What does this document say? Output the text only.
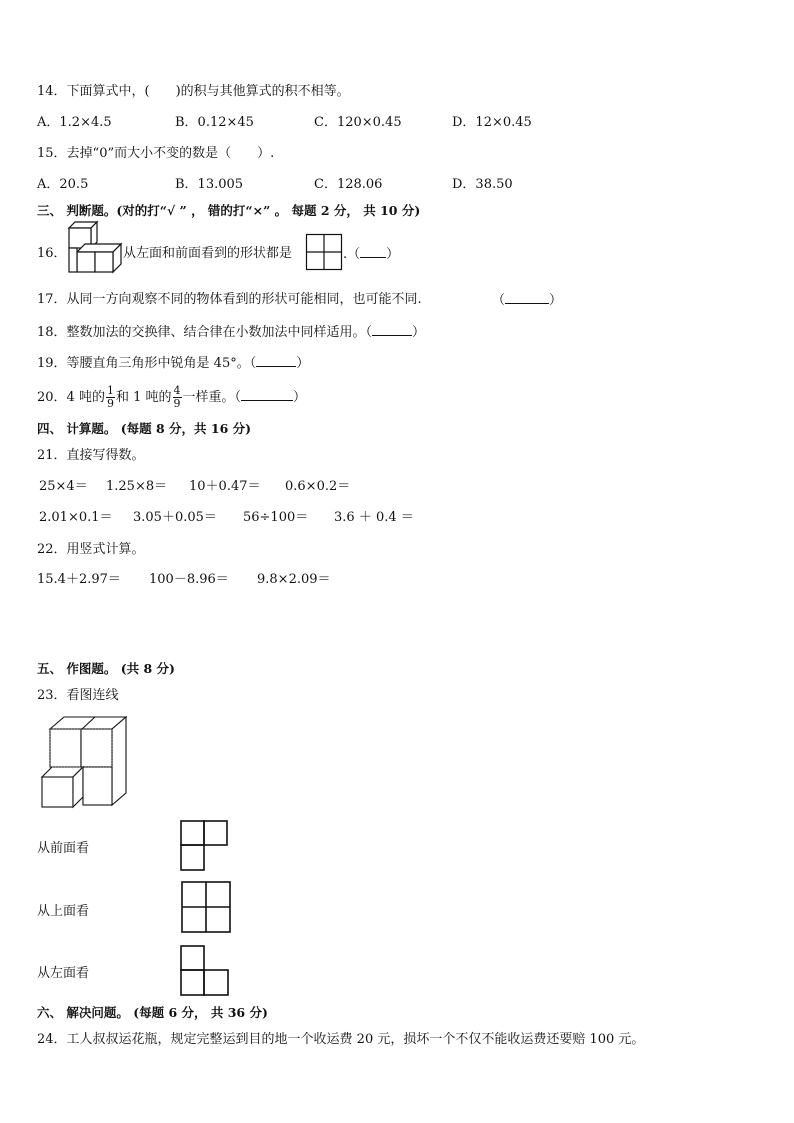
14．下面算式中，(　　)的积与其他算式的积不相等。
A．1.2×4.5	B．0.12×45	C．120×0.45	D．12×0.45
15．去掉“0”而大小不变的数是（　　）.
A．20.5	B．13.005	C．128.06	D．38.50
三、 判断题。(对的打“√ ” ， 错的打“×” 。 每题 2 分， 共 10 分)
16．	从左面和前面看到的形状都是	.（ ）
17．从同一方向观察不同的物体看到的形状可能相同，也可能不同.	（	）
18．整数加法的交换律、结合律在小数加法中同样适用。（	）
19．等腰直角三角形中锐角是 45°。（	）
20．4 吨的 $\frac{1}{9}$ 和 1 吨的 $\frac{4}{9}$ 一样重。（	）
四、 计算题。 (每题 8 分，共 16 分)
21．直接写得数。
25×4＝ 1.25×8＝ 10＋0.47＝ 0.6×0.2＝
2.01×0.1＝ 3.05＋0.05＝ 56÷100＝ 3.6 ＋ 0.4 ＝
22．用竖式计算。
15.4＋2.97＝ 100－8.96＝ 9.8×2.09＝
五、 作图题。 (共 8 分)
23．看图连线
从前面看
从上面看
从左面看
六、 解决问题。 (每题 6 分， 共 36 分)
24．工人叔叔运花瓶，规定完整运到目的地一个收运费 20 元，损坏一个不仅不能收运费还要赔 100 元。
